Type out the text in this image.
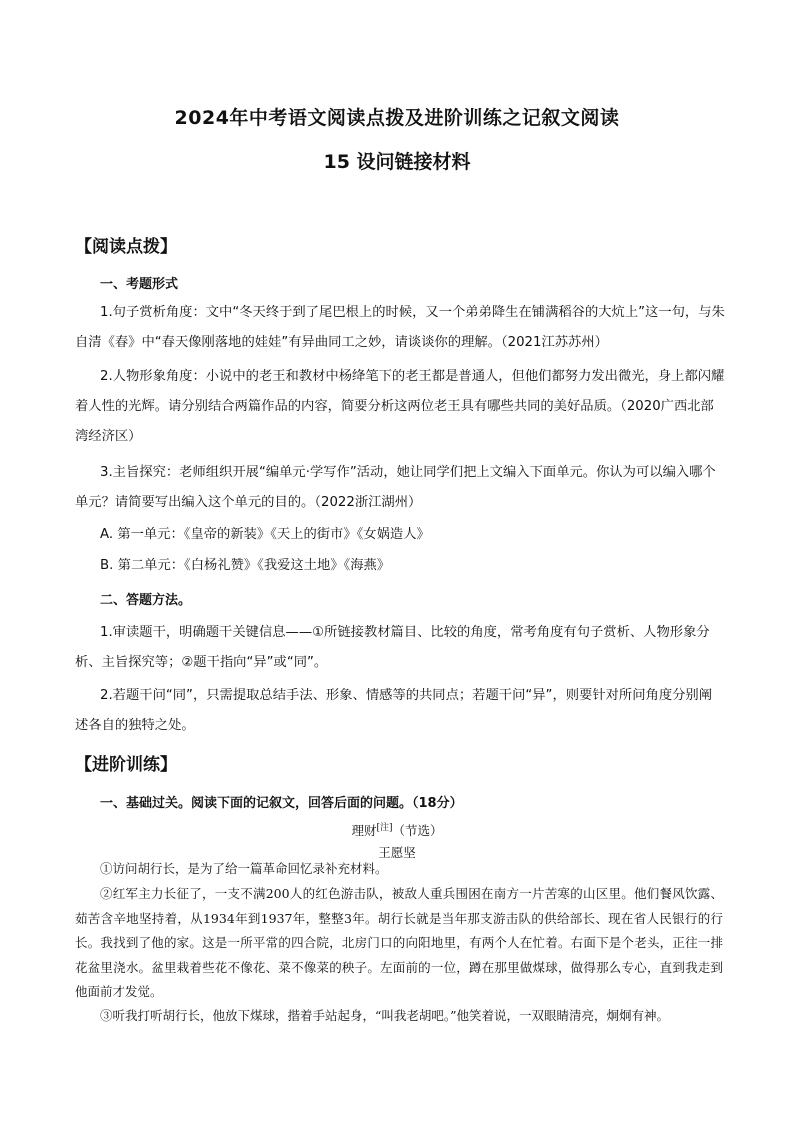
2024年中考语文阅读点拨及进阶训练之记叙文阅读
15 设问链接材料
【阅读点拨】
一、考题形式
1.句子赏析角度：文中“冬天终于到了尾巴根上的时候，又一个弟弟降生在铺满稻谷的大炕上”这一句，与朱自清《春》中“春天像刚落地的娃娃”有异曲同工之妙，请谈谈你的理解。（2021江苏苏州）
2.人物形象角度：小说中的老王和教材中杨绛笔下的老王都是普通人，但他们都努力发出微光，身上都闪耀着人性的光辉。请分别结合两篇作品的内容，简要分析这两位老王具有哪些共同的美好品质。（2020广西北部湾经济区）
3.主旨探究：老师组织开展“编单元·学写作”活动，她让同学们把上文编入下面单元。你认为可以编入哪个单元？请简要写出编入这个单元的目的。（2022浙江湖州）
A. 第一单元：《皇帝的新装》《天上的街市》《女娲造人》
B. 第二单元：《白杨礼赞》《我爱这土地》《海燕》
二、答题方法。
1.审读题干，明确题干关键信息——①所链接教材篇目、比较的角度，常考角度有句子赏析、人物形象分析、主旨探究等；②题干指向“异”或“同”。
2.若题干问“同”，只需提取总结手法、形象、情感等的共同点；若题干问“异”，则要针对所问角度分别阐述各自的独特之处。
【进阶训练】
一、基础过关。阅读下面的记叙文，回答后面的问题。（18分）
理财[注]（节选）
王愿坚
①访问胡行长，是为了给一篇革命回忆录补充材料。
②红军主力长征了，一支不满200人的红色游击队，被敌人重兵围困在南方一片苦寒的山区里。他们餐风饮露、茹苦含辛地坚持着，从1934年到1937年，整整3年。胡行长就是当年那支游击队的供给部长、现在省人民银行的行长。我找到了他的家。这是一所平常的四合院，北房门口的向阳地里，有两个人在忙着。右面下是个老头，正往一排花盆里浇水。盆里栽着些花不像花、菜不像菜的秧子。左面前的一位，蹲在那里做煤球，做得那么专心，直到我走到他面前才发觉。
③听我打听胡行长，他放下煤球，揩着手站起身，“叫我老胡吧。”他笑着说，一双眼睛清亮，炯炯有神。
